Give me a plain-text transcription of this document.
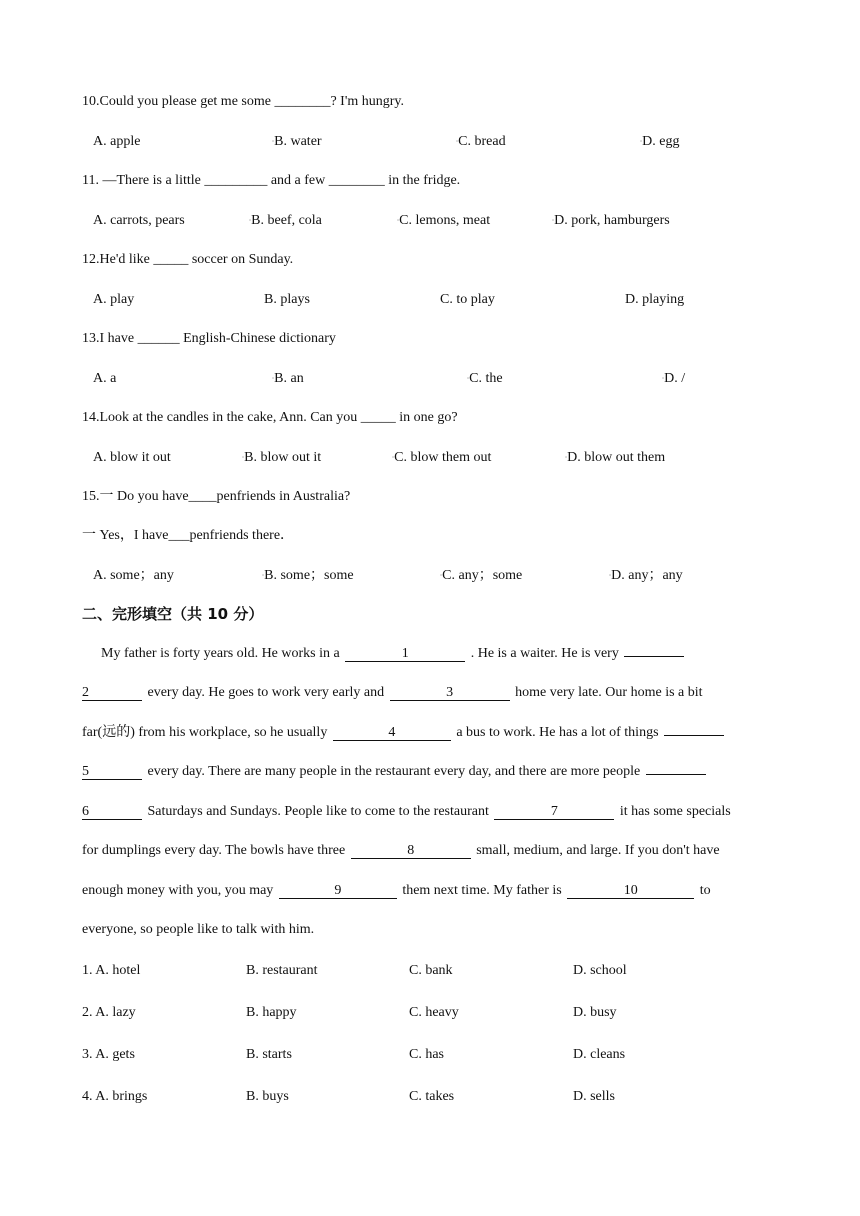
10.Could you please get me some ________? I'm hungry.
A. apple	▫B. water	▫C. bread	▫D. egg
11. —There is a little _________ and a few ________ in the fridge.
A. carrots, pears	▫B. beef, cola	▫C. lemons, meat	▫D. pork, hamburgers
12.He'd like _____ soccer on Sunday.
A. play	B. plays	C. to play	D. playing
13.I have ______ English-Chinese dictionary
A. a	▫B. an	▫C. the	▫D. /
14.Look at the candles in the cake, Ann. Can you _____ in one go?
A. blow it out	▫B. blow out it	▫C. blow them out	▫D. blow out them
15.一 Do you have____penfriends in Australia?
一 Yes，I have___penfriends there．
A. some；any	▫B. some；some	▫C. any；some	▫D. any；any
二、完形填空（共 10 分）
My father is forty years old. He works in a	1	. He is a waiter. He is very
2	every day. He goes to work very early and	3	home very late. Our home is a bit
far(远的) from his workplace, so he usually	4	a bus to work. He has a lot of things
5	every day. There are many people in the restaurant every day, and there are more people
6	Saturdays and Sundays. People like to come to the restaurant	7	it has some specials
for dumplings every day. The bowls have three	8	small, medium, and large. If you don't have
enough money with you, you may	9	them next time. My father is	10	to
everyone, so people like to talk with him.
1. A. hotel	B. restaurant	C. bank	D. school
2. A. lazy	B. happy	C. heavy	D. busy
3. A. gets	B. starts	C. has	D. cleans
4. A. brings	B. buys	C. takes	D. sells
